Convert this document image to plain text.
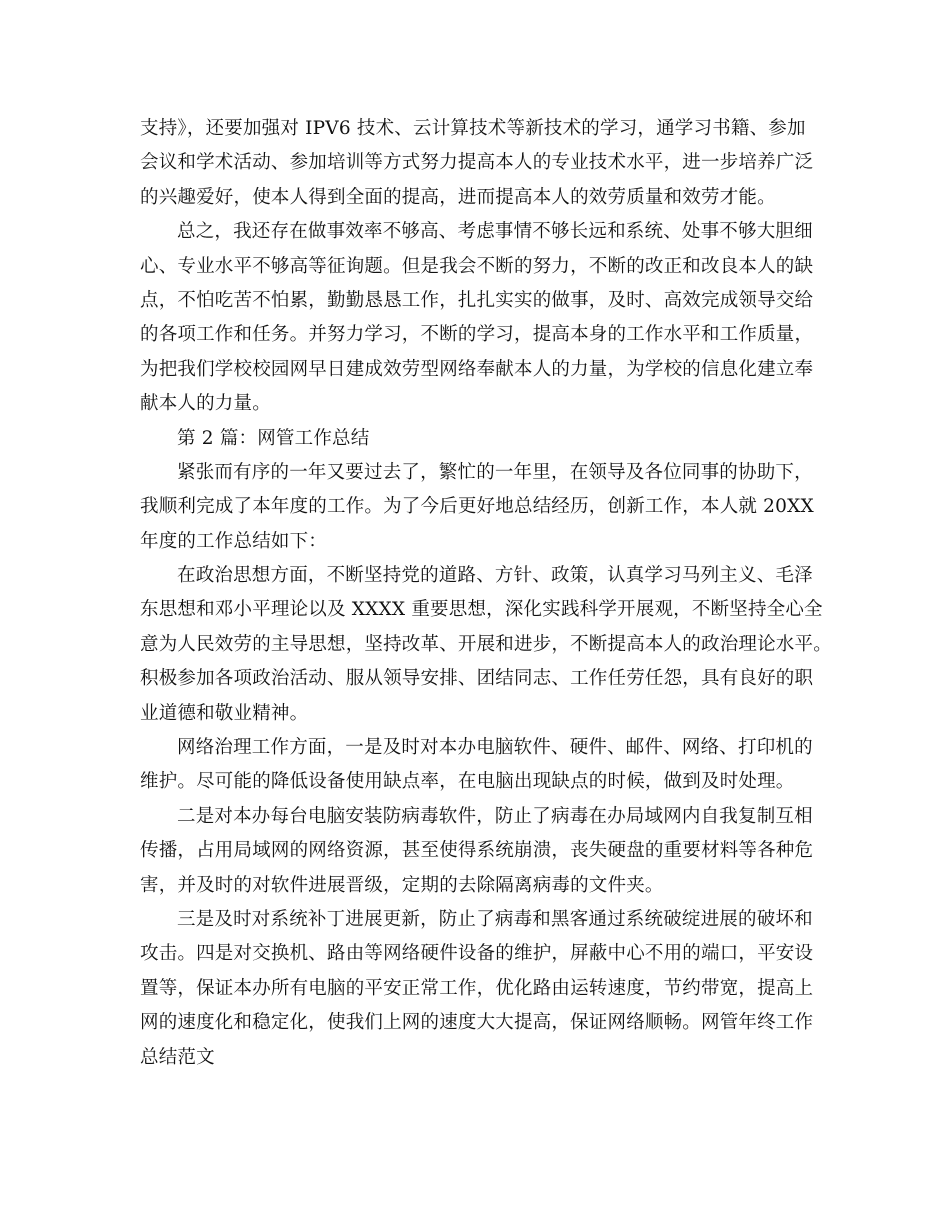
支持》，还要加强对 IPV6 技术、云计算技术等新技术的学习，通学习书籍、参加
会议和学术活动、参加培训等方式努力提高本人的专业技术水平，进一步培养广泛
的兴趣爱好，使本人得到全面的提高，进而提高本人的效劳质量和效劳才能。
总之，我还存在做事效率不够高、考虑事情不够长远和系统、处事不够大胆细
心、专业水平不够高等征询题。但是我会不断的努力，不断的改正和改良本人的缺
点，不怕吃苦不怕累，勤勤恳恳工作，扎扎实实的做事，及时、高效完成领导交给
的各项工作和任务。并努力学习，不断的学习，提高本身的工作水平和工作质量，
为把我们学校校园网早日建成效劳型网络奉献本人的力量，为学校的信息化建立奉
献本人的力量。
第 2 篇：网管工作总结
紧张而有序的一年又要过去了，繁忙的一年里，在领导及各位同事的协助下，
我顺利完成了本年度的工作。为了今后更好地总结经历，创新工作，本人就 20XX
年度的工作总结如下：
在政治思想方面，不断坚持党的道路、方针、政策，认真学习马列主义、毛泽
东思想和邓小平理论以及 XXXX 重要思想，深化实践科学开展观，不断坚持全心全
意为人民效劳的主导思想，坚持改革、开展和进步，不断提高本人的政治理论水平。
积极参加各项政治活动、服从领导安排、团结同志、工作任劳任怨，具有良好的职
业道德和敬业精神。
网络治理工作方面，一是及时对本办电脑软件、硬件、邮件、网络、打印机的
维护。尽可能的降低设备使用缺点率，在电脑出现缺点的时候，做到及时处理。
二是对本办每台电脑安装防病毒软件，防止了病毒在办局域网内自我复制互相
传播，占用局域网的网络资源，甚至使得系统崩溃，丧失硬盘的重要材料等各种危
害，并及时的对软件进展晋级，定期的去除隔离病毒的文件夹。
三是及时对系统补丁进展更新，防止了病毒和黑客通过系统破绽进展的破坏和
攻击。四是对交换机、路由等网络硬件设备的维护，屏蔽中心不用的端口，平安设
置等，保证本办所有电脑的平安正常工作，优化路由运转速度，节约带宽，提高上
网的速度化和稳定化，使我们上网的速度大大提高，保证网络顺畅。网管年终工作
总结范文
